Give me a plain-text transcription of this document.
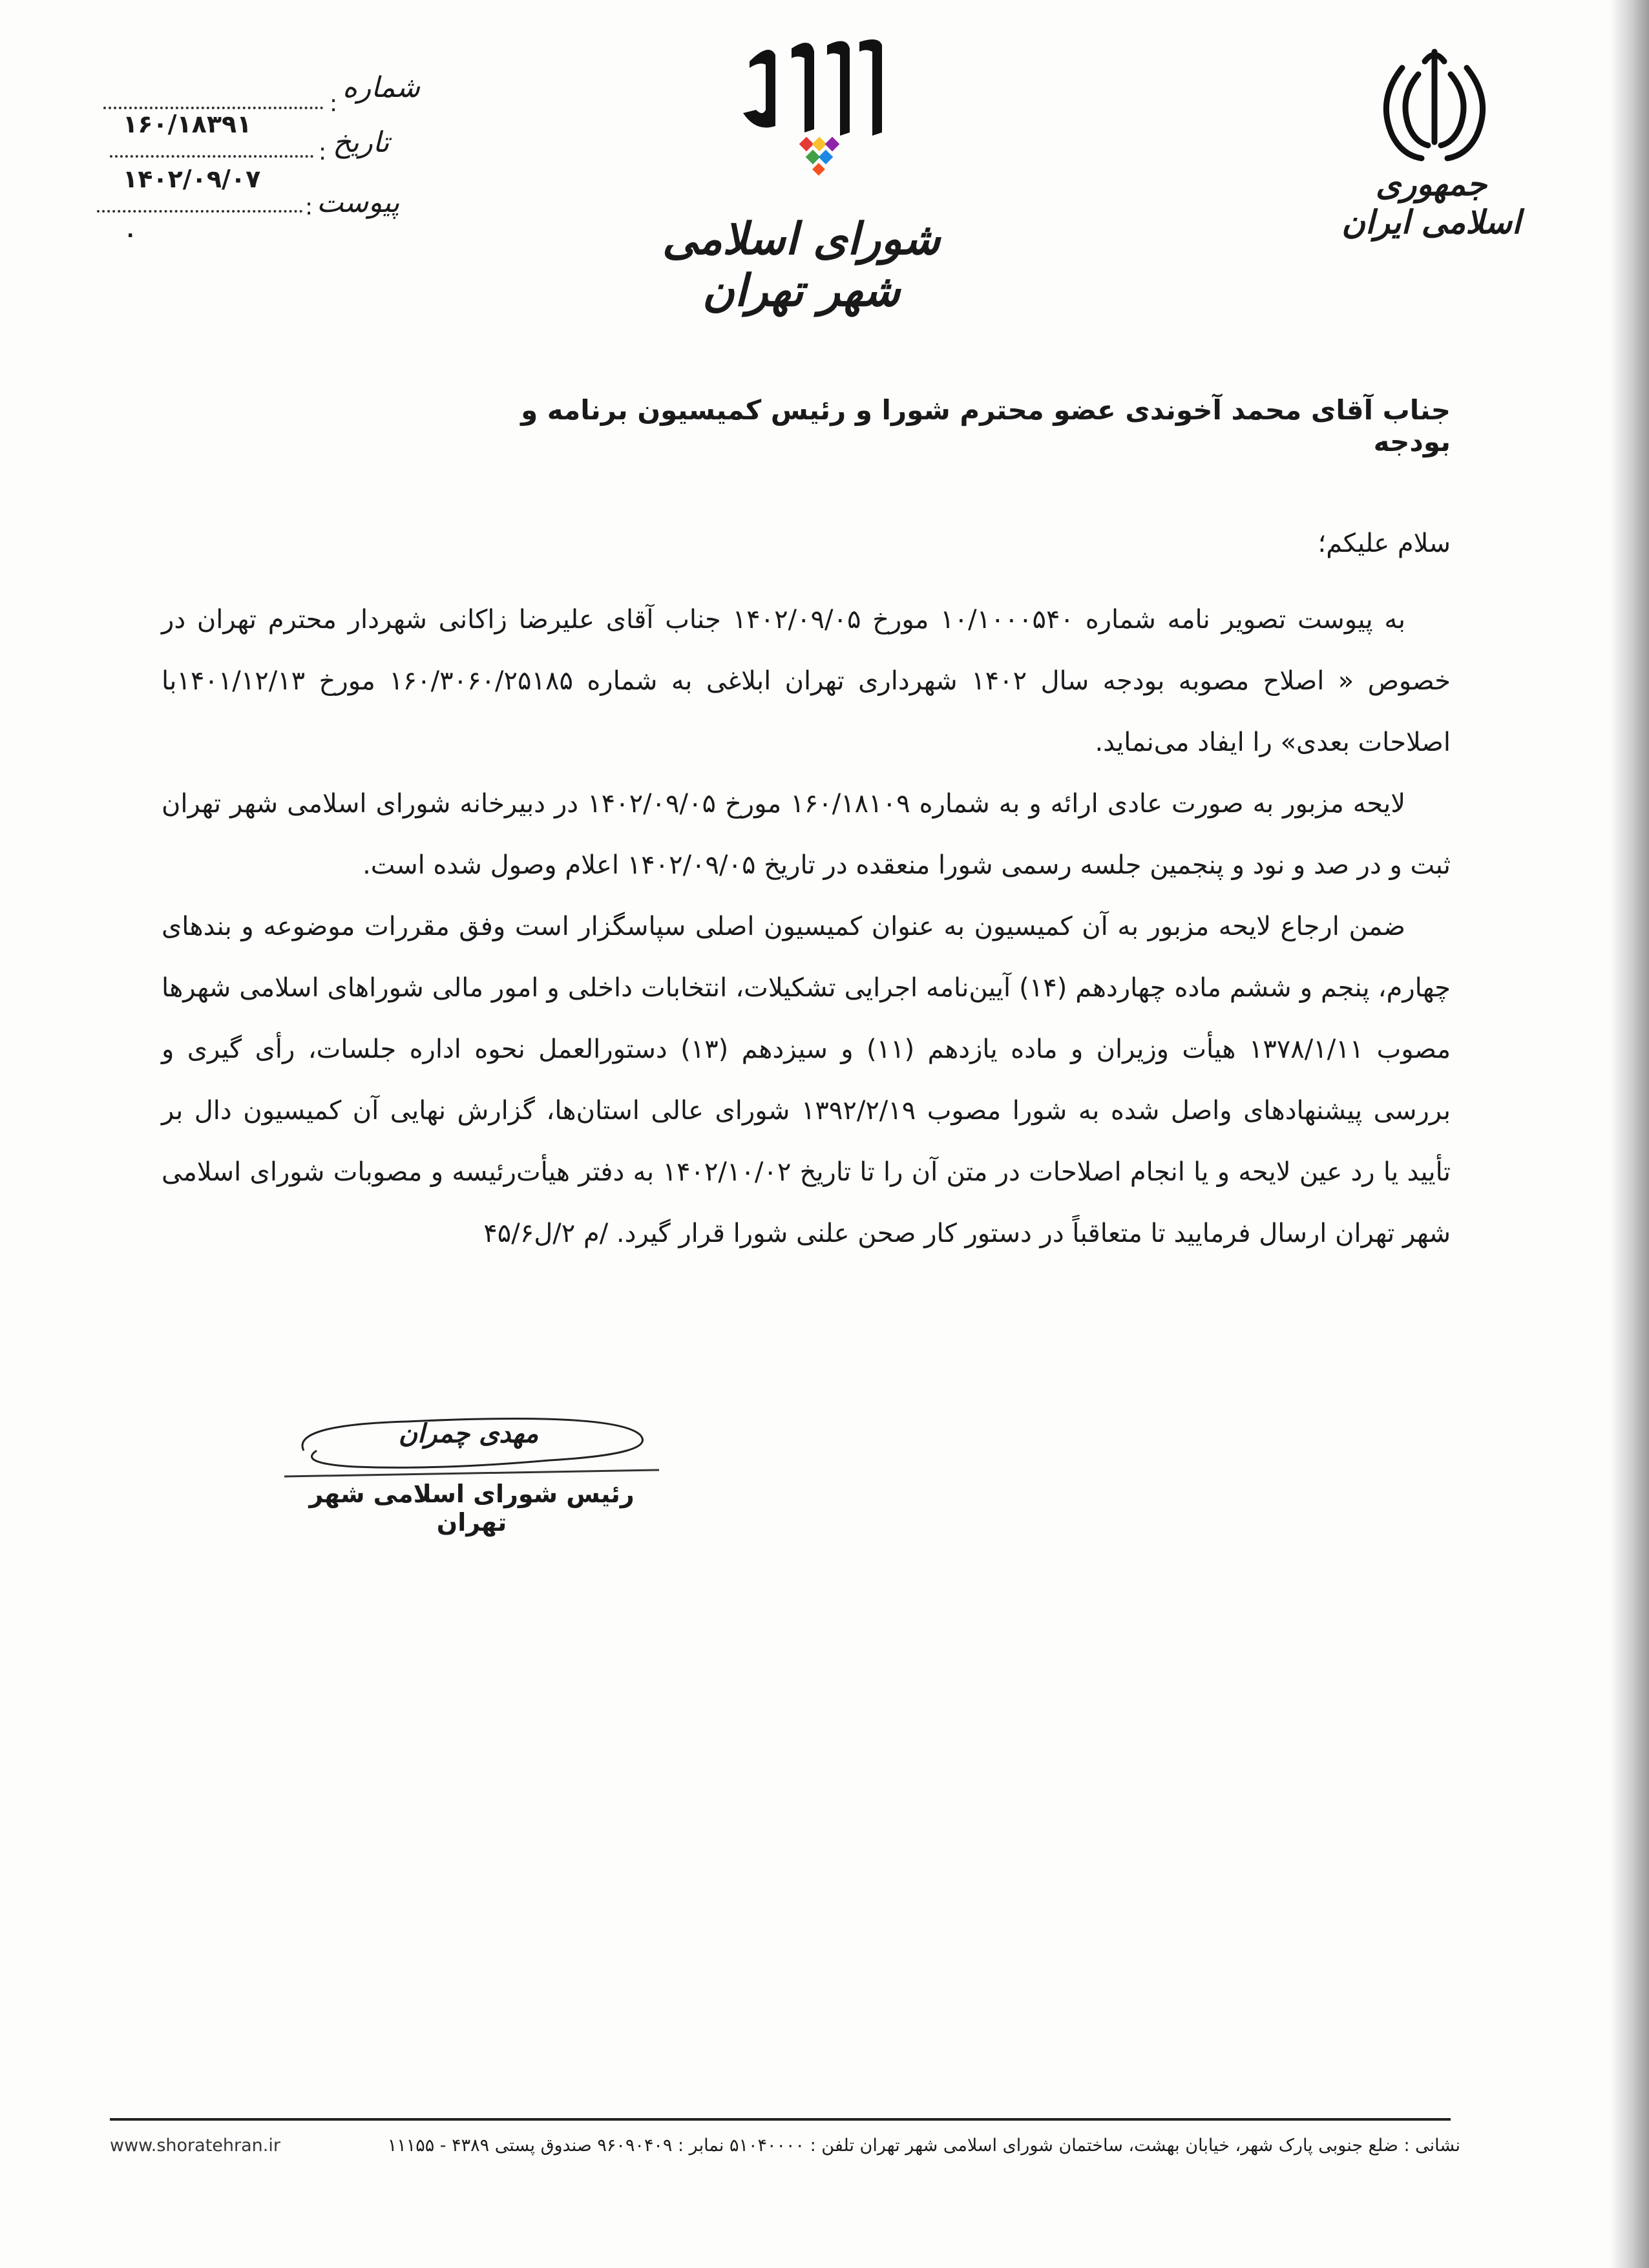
جمهوری اسلامی ایران
شورای اسلامی شهر تهران
شماره
:
۱۶۰/۱۸۳۹۱
تاریخ
:
۱۴۰۲/۰۹/۰۷
پیوست
:
.
جناب آقای محمد آخوندی عضو محترم شورا و رئیس کمیسیون برنامه و بودجه
سلام علیکم؛
به پیوست تصویر نامه شماره ۱۰/۱۰۰۰۵۴۰ مورخ ۱۴۰۲/۰۹/۰۵ جناب آقای علیرضا زاکانی شهردار محترم تهران در خصوص « اصلاح مصوبه بودجه سال ۱۴۰۲ شهرداری تهران ابلاغی به شماره ۱۶۰/۳۰۶۰/۲۵۱۸۵ مورخ ۱۴۰۱/۱۲/۱۳با اصلاحات بعدی» را ایفاد می‌نماید.
لایحه مزبور به صورت عادی ارائه و به شماره ۱۶۰/۱۸۱۰۹ مورخ ۱۴۰۲/۰۹/۰۵ در دبیرخانه شورای اسلامی شهر تهران ثبت و در صد و نود و پنجمین جلسه رسمی شورا منعقده در تاریخ ۱۴۰۲/۰۹/۰۵ اعلام وصول شده است.
ضمن ارجاع لایحه مزبور به آن کمیسیون به عنوان کمیسیون اصلی سپاسگزار است وفق مقررات موضوعه و بندهای چهارم، پنجم و ششم ماده چهاردهم (۱۴) آیین‌نامه اجرایی تشکیلات، انتخابات داخلی و امور مالی شوراهای اسلامی شهرها مصوب ۱۳۷۸/۱/۱۱ هیأت وزیران و ماده یازدهم (۱۱) و سیزدهم (۱۳) دستورالعمل نحوه اداره جلسات، رأی گیری و بررسی پیشنهادهای واصل شده به شورا مصوب ۱۳۹۲/۲/۱۹ شورای عالی استان‌ها، گزارش نهایی آن کمیسیون دال بر تأیید یا رد عین لایحه و یا انجام اصلاحات در متن آن را تا تاریخ ۱۴۰۲/۱۰/۰۲ به دفتر هیأت‌رئیسه و مصوبات شورای اسلامی شهر تهران ارسال فرمایید تا متعاقباً در دستور کار صحن علنی شورا قرار گیرد. /م ۲/ل۴۵/۶
مهدی چمران
رئیس شورای اسلامی شهر تهران
نشانی : ضلع جنوبی پارک شهر، خیابان بهشت، ساختمان شورای اسلامی شهر تهران تلفن : ۵۱۰۴۰۰۰۰ نمابر : ۹۶۰۹۰۴۰۹ صندوق پستی ۴۳۸۹ - ۱۱۱۵۵
www.shoratehran.ir
